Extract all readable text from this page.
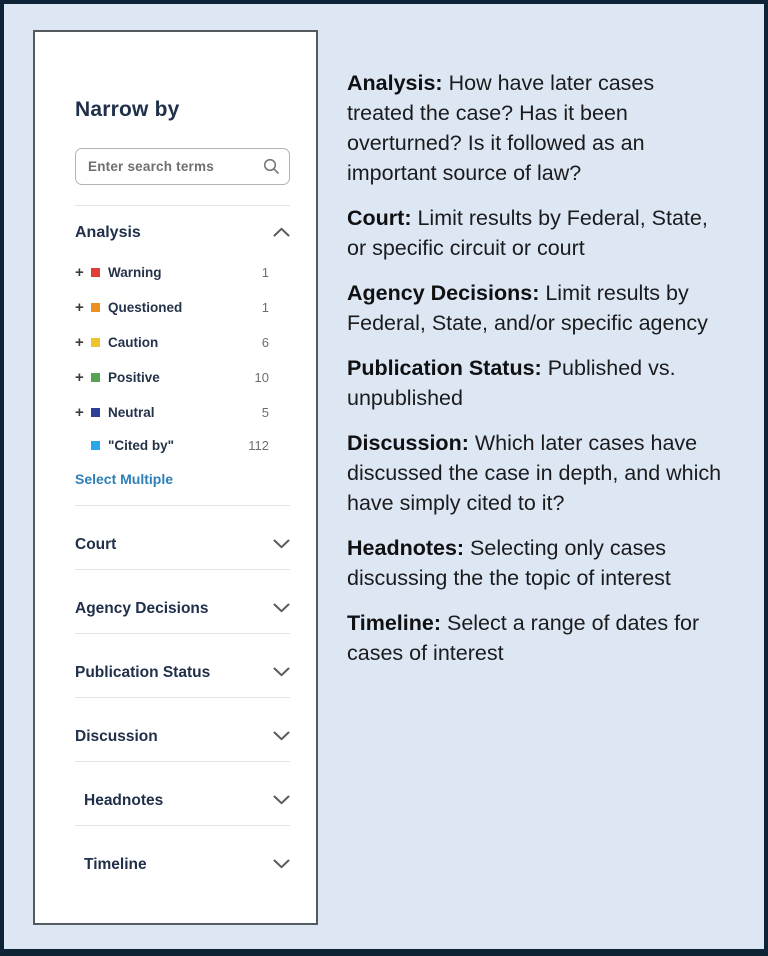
Narrow by
Enter search terms
Analysis
+	Warning	1
+	Questioned	1
+	Caution	6
+	Positive	10
+	Neutral	5
"Cited by"	112
Select Multiple
Court
Agency Decisions
Publication Status
Discussion
Headnotes
Timeline

Analysis: How have later cases treated the case? Has it been overturned? Is it followed as an important source of law?

Court: Limit results by Federal, State, or specific circuit or court

Agency Decisions: Limit results by Federal, State, and/or specific agency

Publication Status: Published vs. unpublished

Discussion: Which later cases have discussed the case in depth, and which have simply cited to it?

Headnotes: Selecting only cases discussing the the topic of interest

Timeline: Select a range of dates for cases of interest
